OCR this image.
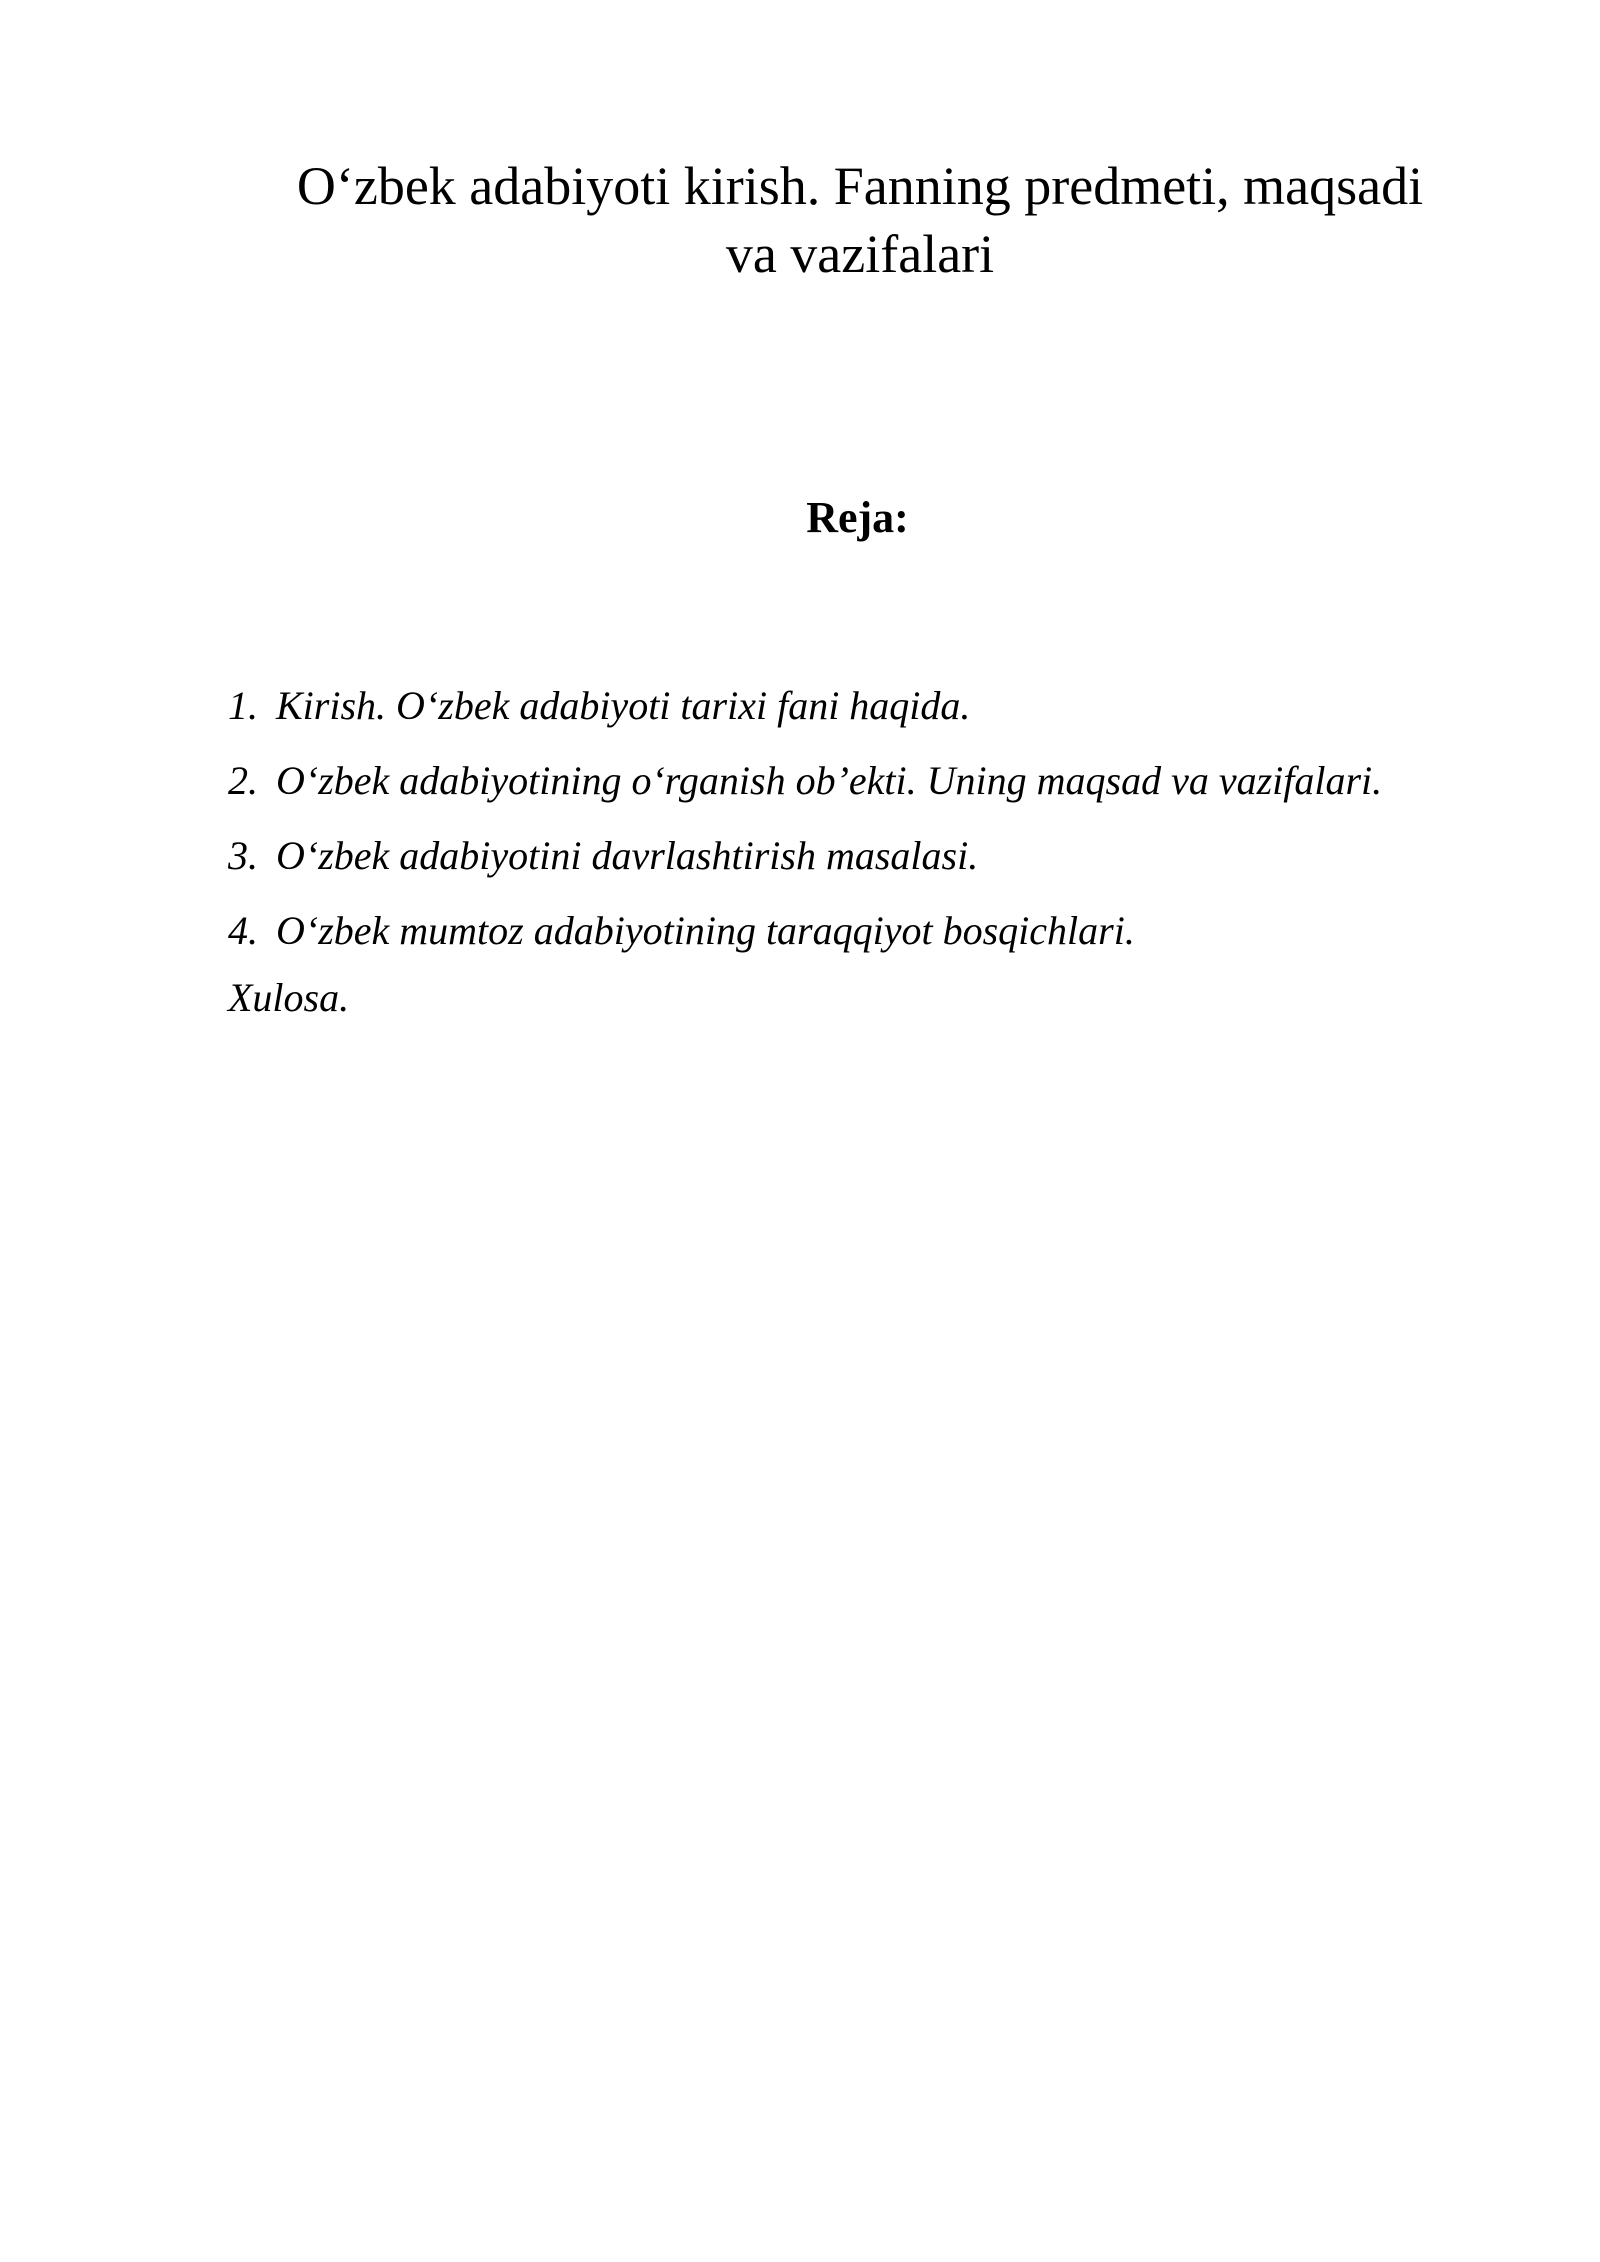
O‘zbek adabiyoti kirish. Fanning predmeti, maqsadi
va vazifalari
Reja:
1. Kirish. O‘zbek adabiyoti tarixi fani haqida.
2. O‘zbek adabiyotining o‘rganish ob’ekti. Uning maqsad va vazifalari.
3. O‘zbek adabiyotini davrlashtirish masalasi.
4. O‘zbek mumtoz adabiyotining taraqqiyot bosqichlari.

Xulosa.
